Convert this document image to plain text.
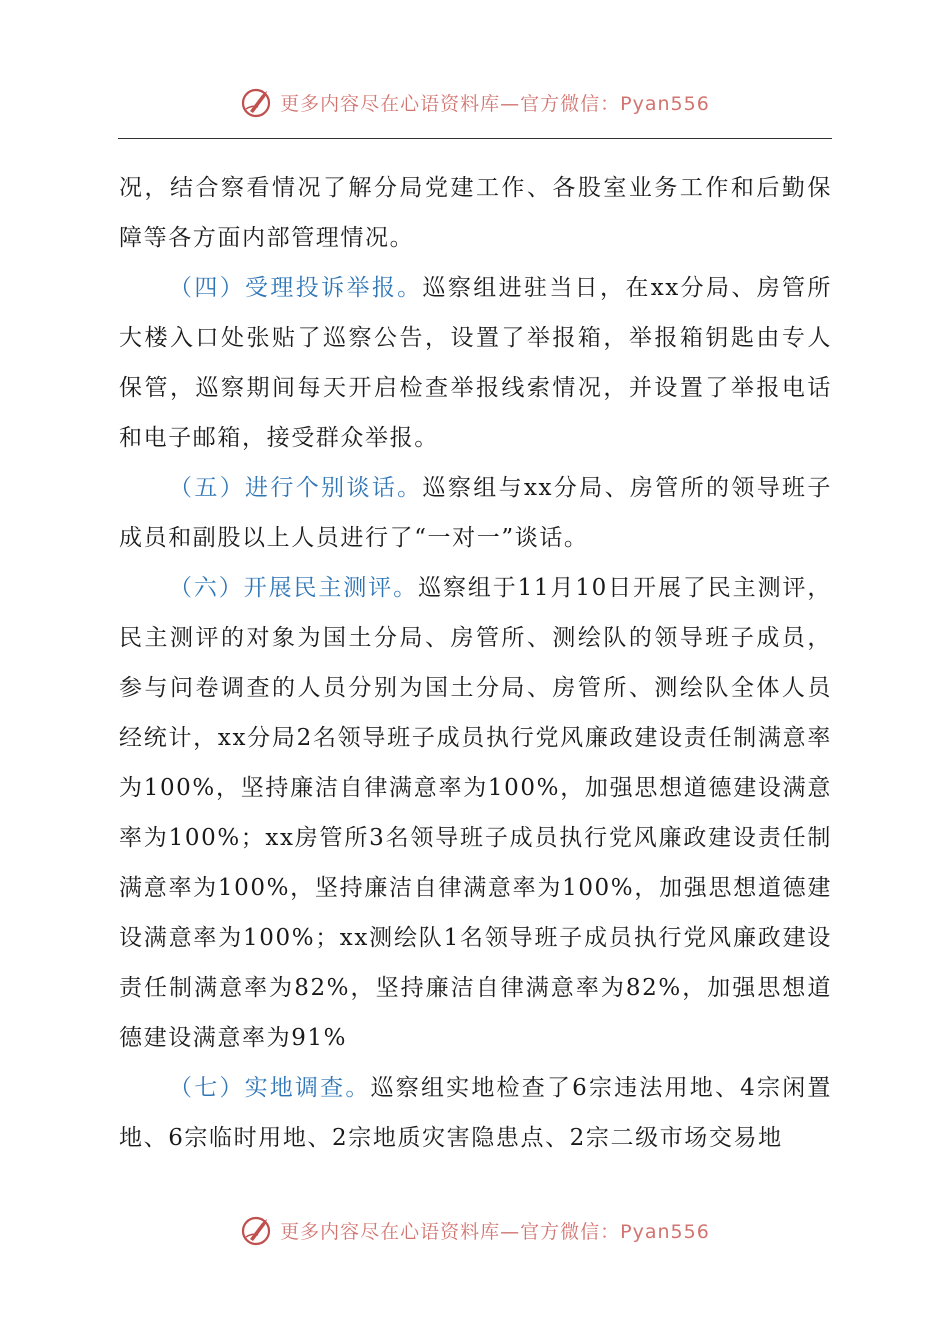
更多内容尽在心语资料库—官方微信：Pyan556

况，结合察看情况了解分局党建工作、各股室业务工作和后勤保障等各方面内部管理情况。

（四）受理投诉举报。巡察组进驻当日，在xx分局、房管所大楼入口处张贴了巡察公告，设置了举报箱，举报箱钥匙由专人保管，巡察期间每天开启检查举报线索情况，并设置了举报电话和电子邮箱，接受群众举报。

（五）进行个别谈话。巡察组与xx分局、房管所的领导班子成员和副股以上人员进行了“一对一”谈话。

（六）开展民主测评。巡察组于11月10日开展了民主测评，民主测评的对象为国土分局、房管所、测绘队的领导班子成员，参与问卷调查的人员分别为国土分局、房管所、测绘队全体人员经统计，xx分局2名领导班子成员执行党风廉政建设责任制满意率为100%，坚持廉洁自律满意率为100%，加强思想道德建设满意率为100%；xx房管所3名领导班子成员执行党风廉政建设责任制满意率为100%，坚持廉洁自律满意率为100%，加强思想道德建设满意率为100%；xx测绘队1名领导班子成员执行党风廉政建设责任制满意率为82%，坚持廉洁自律满意率为82%，加强思想道德建设满意率为91%

（七）实地调查。巡察组实地检查了6宗违法用地、4宗闲置地、6宗临时用地、2宗地质灾害隐患点、2宗二级市场交易地

更多内容尽在心语资料库—官方微信：Pyan556
